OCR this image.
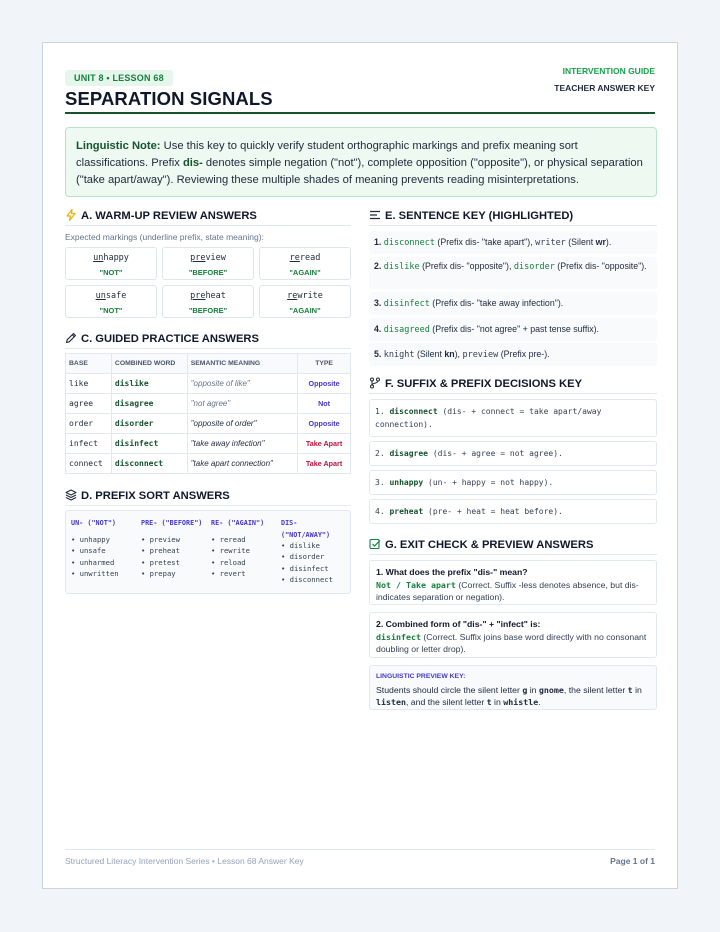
UNIT 8 • LESSON 68
SEPARATION SIGNALS
INTERVENTION GUIDE
TEACHER ANSWER KEY
Linguistic Note: Use this key to quickly verify student orthographic markings and prefix meaning sort classifications. Prefix dis- denotes simple negation ("not"), complete opposition ("opposite"), or physical separation ("take apart/away"). Reviewing these multiple shades of meaning prevents reading misinterpretations.
A. WARM-UP REVIEW ANSWERS
Expected markings (underline prefix, state meaning):
unhappy
"NOT"
preview
"BEFORE"
reread
"AGAIN"
unsafe
"NOT"
preheat
"BEFORE"
rewrite
"AGAIN"
C. GUIDED PRACTICE ANSWERS
BASE	COMBINED WORD	SEMANTIC MEANING	TYPE
like	dislike	"opposite of like"	Opposite
agree	disagree	"not agree"	Not
order	disorder	"opposite of order"	Opposite
infect	disinfect	"take away infection"	Take Apart
connect	disconnect	"take apart connection"	Take Apart
D. PREFIX SORT ANSWERS
UN- ("NOT")
• unhappy
• unsafe
• unharmed
• unwritten
PRE- ("BEFORE")
• preview
• preheat
• pretest
• prepay
RE- ("AGAIN")
• reread
• rewrite
• reload
• revert
DIS- ("NOT/AWAY")
• dislike
• disorder
• disinfect
• disconnect
E. SENTENCE KEY (HIGHLIGHTED)
1. disconnect (Prefix dis- "take apart"), writer (Silent wr).
2. dislike (Prefix dis- "opposite"), disorder (Prefix dis- "opposite").
3. disinfect (Prefix dis- "take away infection").
4. disagreed (Prefix dis- "not agree" + past tense suffix).
5. knight (Silent kn), preview (Prefix pre-).
F. SUFFIX & PREFIX DECISIONS KEY
1. disconnect (dis- + connect = take apart/away connection).
2. disagree (dis- + agree = not agree).
3. unhappy (un- + happy = not happy).
4. preheat (pre- + heat = heat before).
G. EXIT CHECK & PREVIEW ANSWERS
1. What does the prefix "dis-" mean?
Not / Take apart (Correct. Suffix -less denotes absence, but dis- indicates separation or negation).
2. Combined form of "dis-" + "infect" is:
disinfect (Correct. Suffix joins base word directly with no consonant doubling or letter drop).
LINGUISTIC PREVIEW KEY:
Students should circle the silent letter g in gnome, the silent letter t in listen, and the silent letter t in whistle.
Structured Literacy Intervention Series • Lesson 68 Answer Key	Page 1 of 1
